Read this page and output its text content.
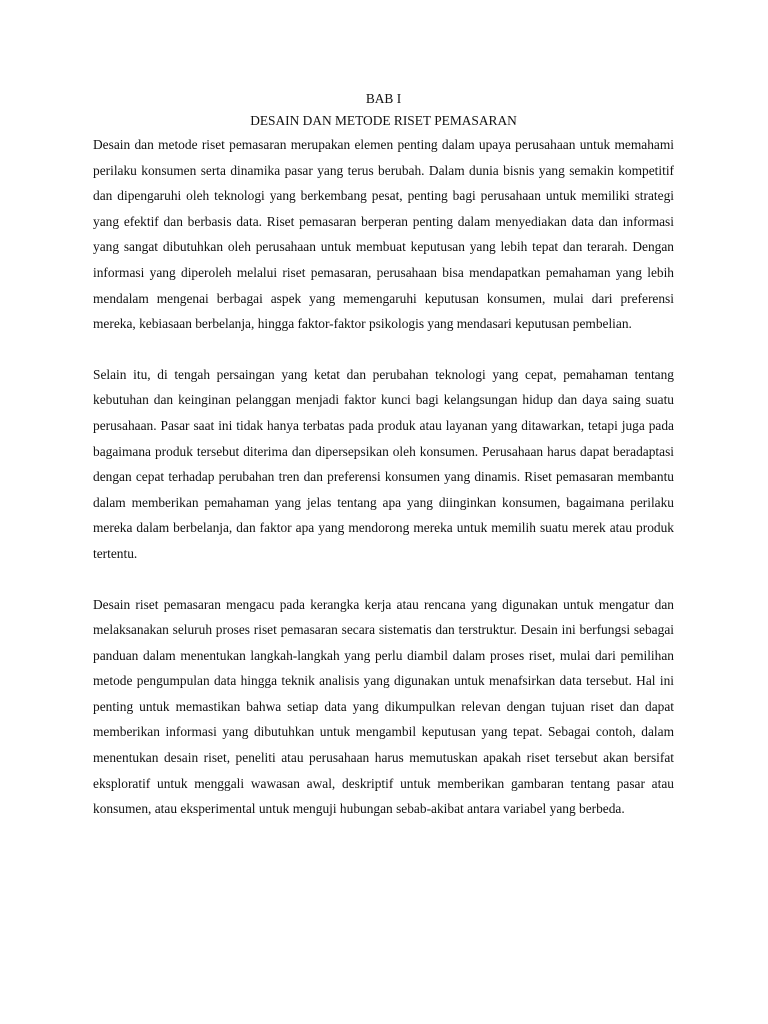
BAB I
DESAIN DAN METODE RISET PEMASARAN

Desain dan metode riset pemasaran merupakan elemen penting dalam upaya perusahaan untuk memahami perilaku konsumen serta dinamika pasar yang terus berubah. Dalam dunia bisnis yang semakin kompetitif dan dipengaruhi oleh teknologi yang berkembang pesat, penting bagi perusahaan untuk memiliki strategi yang efektif dan berbasis data. Riset pemasaran berperan penting dalam menyediakan data dan informasi yang sangat dibutuhkan oleh perusahaan untuk membuat keputusan yang lebih tepat dan terarah. Dengan informasi yang diperoleh melalui riset pemasaran, perusahaan bisa mendapatkan pemahaman yang lebih mendalam mengenai berbagai aspek yang memengaruhi keputusan konsumen, mulai dari preferensi mereka, kebiasaan berbelanja, hingga faktor-faktor psikologis yang mendasari keputusan pembelian.

Selain itu, di tengah persaingan yang ketat dan perubahan teknologi yang cepat, pemahaman tentang kebutuhan dan keinginan pelanggan menjadi faktor kunci bagi kelangsungan hidup dan daya saing suatu perusahaan. Pasar saat ini tidak hanya terbatas pada produk atau layanan yang ditawarkan, tetapi juga pada bagaimana produk tersebut diterima dan dipersepsikan oleh konsumen. Perusahaan harus dapat beradaptasi dengan cepat terhadap perubahan tren dan preferensi konsumen yang dinamis. Riset pemasaran membantu dalam memberikan pemahaman yang jelas tentang apa yang diinginkan konsumen, bagaimana perilaku mereka dalam berbelanja, dan faktor apa yang mendorong mereka untuk memilih suatu merek atau produk tertentu.

Desain riset pemasaran mengacu pada kerangka kerja atau rencana yang digunakan untuk mengatur dan melaksanakan seluruh proses riset pemasaran secara sistematis dan terstruktur. Desain ini berfungsi sebagai panduan dalam menentukan langkah-langkah yang perlu diambil dalam proses riset, mulai dari pemilihan metode pengumpulan data hingga teknik analisis yang digunakan untuk menafsirkan data tersebut. Hal ini penting untuk memastikan bahwa setiap data yang dikumpulkan relevan dengan tujuan riset dan dapat memberikan informasi yang dibutuhkan untuk mengambil keputusan yang tepat. Sebagai contoh, dalam menentukan desain riset, peneliti atau perusahaan harus memutuskan apakah riset tersebut akan bersifat eksploratif untuk menggali wawasan awal, deskriptif untuk memberikan gambaran tentang pasar atau konsumen, atau eksperimental untuk menguji hubungan sebab-akibat antara variabel yang berbeda.
